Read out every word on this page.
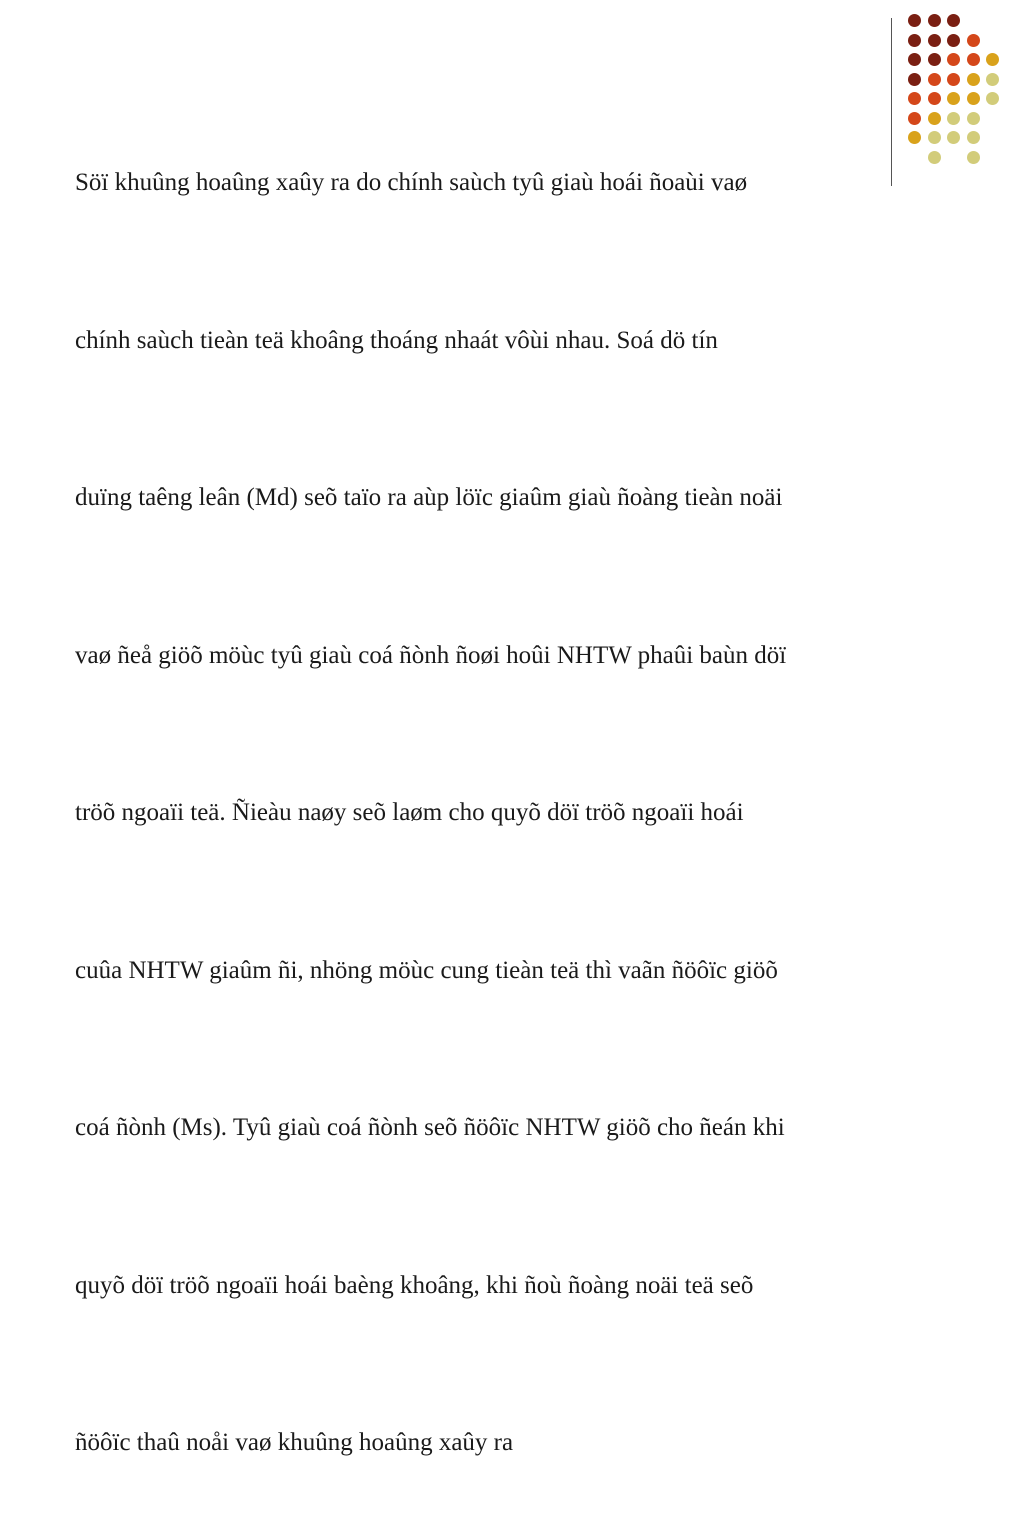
Söï khuûng hoaûng xaûy ra do chính saùch tyû giaù hoái ñoaùi vaø

chính saùch tieàn teä khoâng thoáng nhaát vôùi nhau. Soá dö tín

duïng taêng leân (Md) seõ taïo ra aùp löïc giaûm giaù ñoàng tieàn noäi

vaø ñeå giöõ möùc tyû giaù coá ñònh ñoøi hoûi NHTW phaûi baùn döï

tröõ ngoaïi teä. Ñieàu naøy seõ laøm cho quyõ döï tröõ ngoaïi hoái

cuûa NHTW giaûm ñi, nhöng möùc cung tieàn teä thì vaãn ñöôïc giöõ

coá ñònh (Ms). Tyû giaù coá ñònh seõ ñöôïc NHTW giöõ cho ñeán khi

quyõ döï tröõ ngoaïi hoái baèng khoâng, khi ñoù ñoàng noäi teä seõ

ñöôïc thaû noåi vaø khuûng hoaûng xaûy ra
